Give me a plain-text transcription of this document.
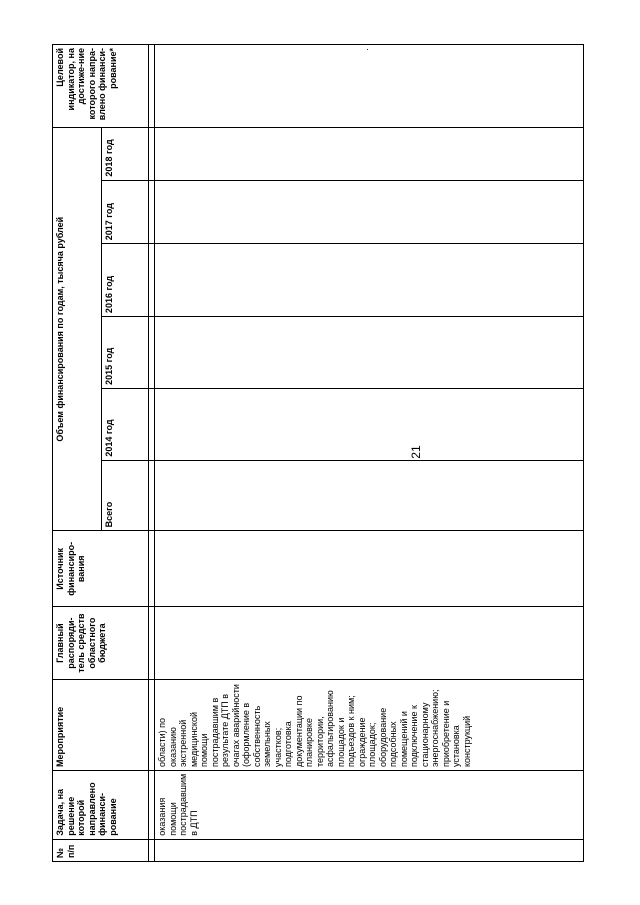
21
·
№ п/п	Задача, на решение которой направлено финанси-рование	Мероприятие	Главный распоряди-тель средств областного бюджета	Источник финансиро-вания	Объем финансирования по годам, тысяча рублей						Целевой индикатор, на достиже-ние которого напра-влено финанси-рование*
					Всего	2014 год	2015 год	2016 год	2017 год	2018 год	

	оказания помощи пострадавшим в ДТП	области) по оказанию экстренной медицинской помощи пострадавшим в результате ДТП в очагах аварийности (оформление в собственность земельных участков; подготовка документации по планировке территории, асфальтированию площадок и подъездов к ним; ограждение площадок; оборудование подсобных помещений и подключение к стационарному энергоснабжению; приобретение и установка конструкций									
